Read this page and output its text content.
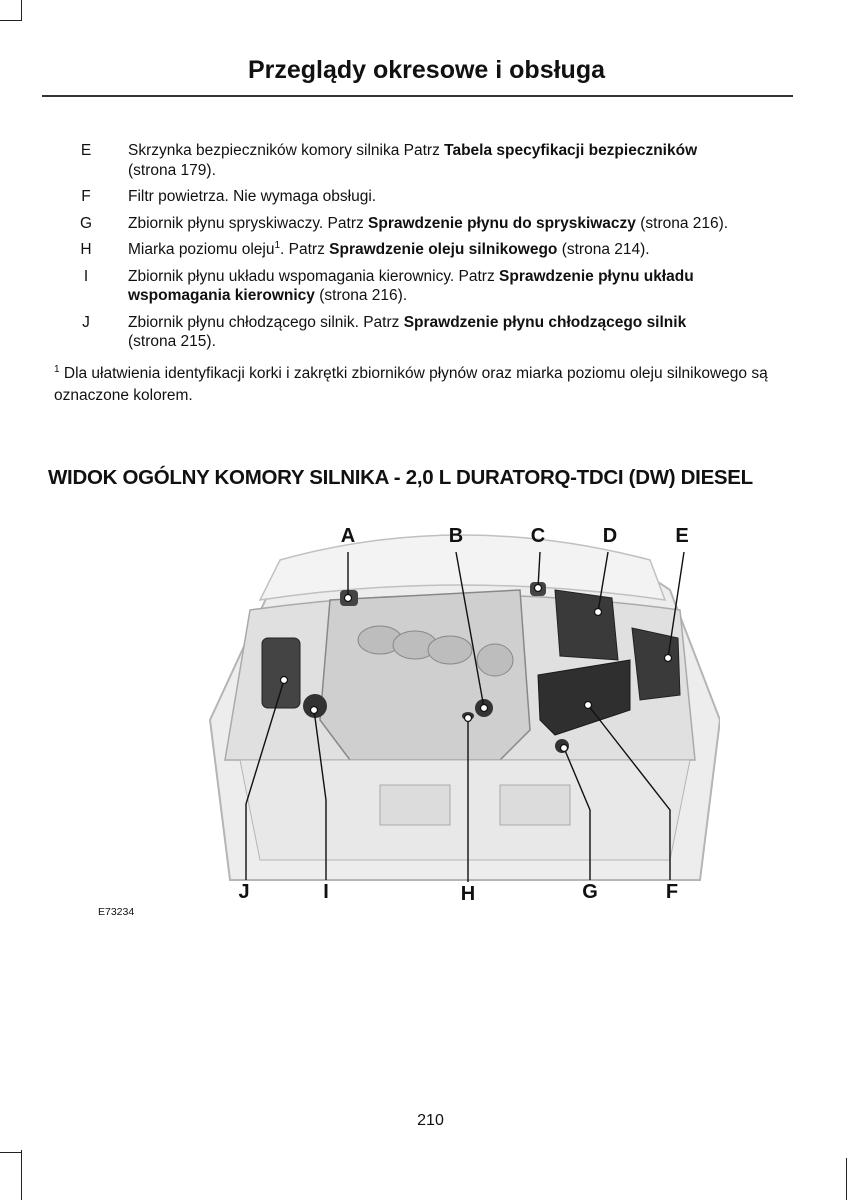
Przeglądy okresowe i obsługa
E Skrzynka bezpieczników komory silnika Patrz Tabela specyfikacji bezpieczników
(strona 179).
F Filtr powietrza. Nie wymaga obsługi.
G Zbiornik płynu spryskiwaczy. Patrz Sprawdzenie płynu do spryskiwaczy (strona 216).
H Miarka poziomu oleju$^1$. Patrz Sprawdzenie oleju silnikowego (strona 214).
I	Zbiornik płynu układu wspomagania kierownicy. Patrz Sprawdzenie płynu układu wspomagania kierownicy (strona 216).
J Zbiornik płynu chłodzącego silnik. Patrz Sprawdzenie płynu chłodzącego silnik
(strona 215).
$^1$ Dla ułatwienia identyfikacji korki i zakrętki zbiorników płynów oraz miarka poziomu oleju silnikowego są oznaczone kolorem.
WIDOK OGÓLNY KOMORY SILNIKA - 2,0 L DURATORQ-TDCI (DW) DIESEL
A	B	C	D	E
J	I	H	G	F
E73234
210
